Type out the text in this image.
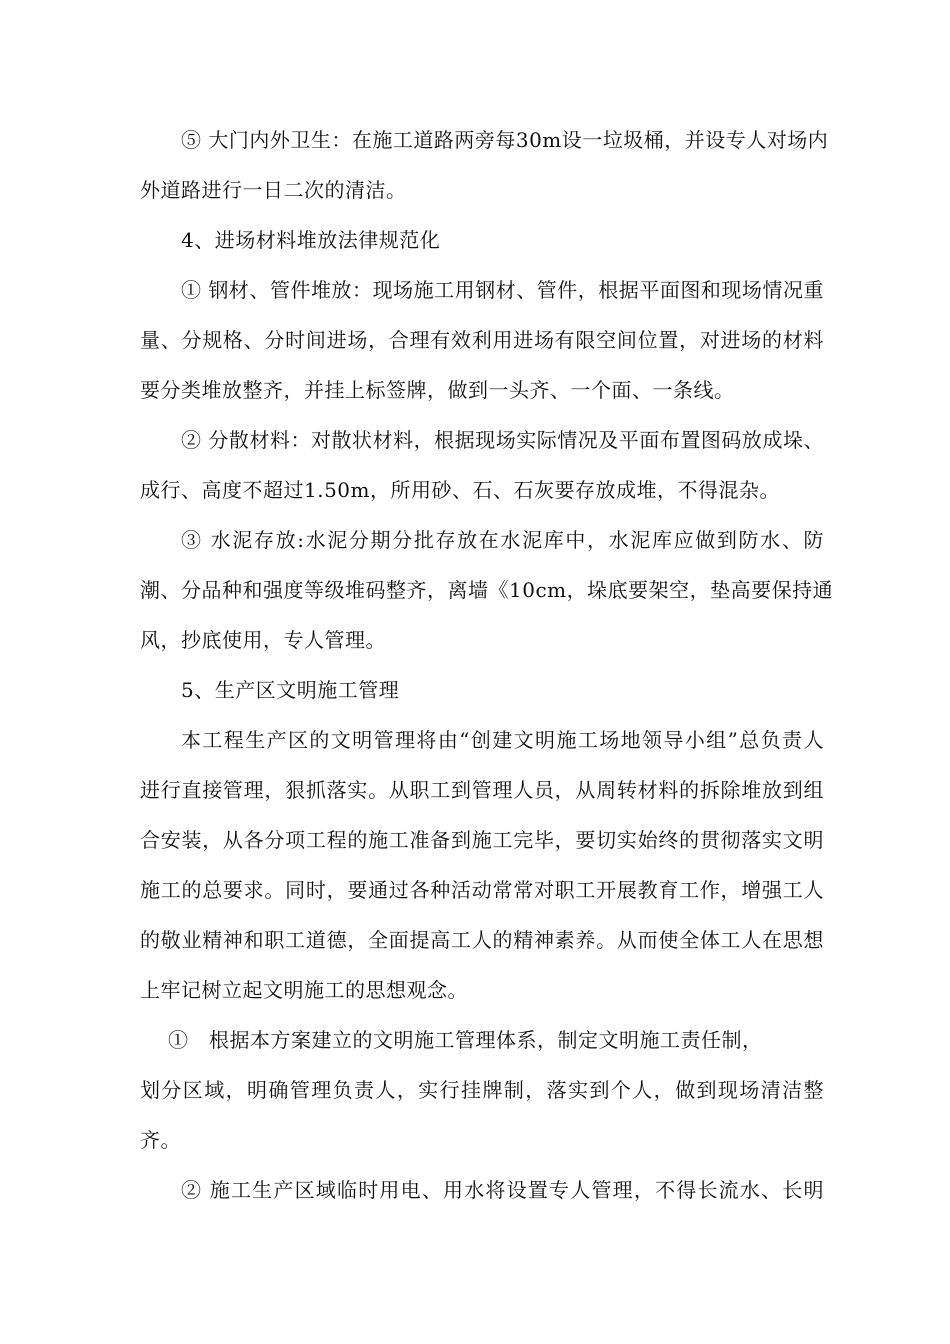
⑤ 大门内外卫生：在施工道路两旁每30m设一垃圾桶，并设专人对场内
外道路进行一日二次的清洁。
4、进场材料堆放法律规范化
① 钢材、管件堆放：现场施工用钢材、管件，根据平面图和现场情况重
量、分规格、分时间进场，合理有效利用进场有限空间位置，对进场的材料
要分类堆放整齐，并挂上标签牌，做到一头齐、一个面、一条线。
② 分散材料：对散状材料，根据现场实际情况及平面布置图码放成垛、
成行、高度不超过1.50m，所用砂、石、石灰要存放成堆，不得混杂。
③ 水泥存放:水泥分期分批存放在水泥库中，水泥库应做到防水、防
潮、分品种和强度等级堆码整齐，离墙《10cm，垛底要架空，垫高要保持通
风，抄底使用，专人管理。
5、生产区文明施工管理
本工程生产区的文明管理将由“创建文明施工场地领导小组”总负责人
进行直接管理，狠抓落实。从职工到管理人员，从周转材料的拆除堆放到组
合安装，从各分项工程的施工准备到施工完毕，要切实始终的贯彻落实文明
施工的总要求。同时，要通过各种活动常常对职工开展教育工作，增强工人
的敬业精神和职工道德，全面提高工人的精神素养。从而使全体工人在思想
上牢记树立起文明施工的思想观念。
①　根据本方案建立的文明施工管理体系，制定文明施工责任制，
划分区域，明确管理负责人，实行挂牌制，落实到个人，做到现场清洁整
齐。
② 施工生产区域临时用电、用水将设置专人管理，不得长流水、长明
